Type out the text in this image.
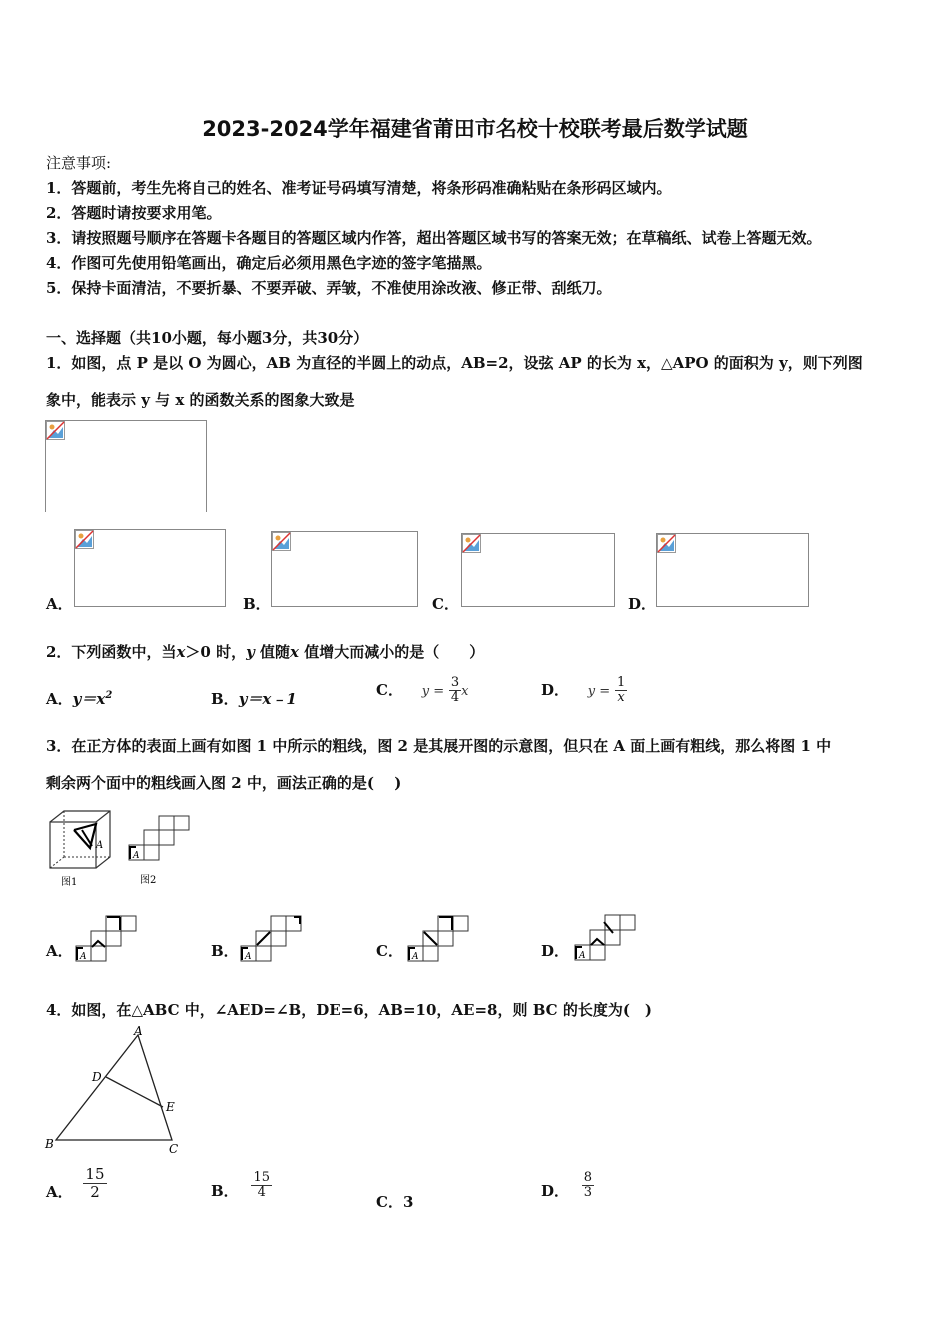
2023-2024学年福建省莆田市名校十校联考最后数学试题
注意事项:
1．答题前，考生先将自己的姓名、准考证号码填写清楚，将条形码准确粘贴在条形码区域内。
2．答题时请按要求用笔。
3．请按照题号顺序在答题卡各题目的答题区域内作答，超出答题区域书写的答案无效；在草稿纸、试卷上答题无效。
4．作图可先使用铅笔画出，确定后必须用黑色字迹的签字笔描黑。
5．保持卡面清洁，不要折暴、不要弄破、弄皱，不准使用涂改液、修正带、刮纸刀。
一、选择题（共10小题，每小题3分，共30分）
1．如图，点 P 是以 O 为圆心，AB 为直径的半圆上的动点，AB=2，设弦 AP 的长为 x，△APO 的面积为 y，则下列图
象中，能表示 y 与 x 的函数关系的图象大致是
A．	B．	C．	D．
2．下列函数中，当x＞0 时，y 值随x 值增大而减小的是（　　）
A．$y=x^2$	B．y＝x﹣1
C． $y = \frac{3}{4}$ x	D． $y = \frac{1}{x}$
3．在正方体的表面上画有如图 1 中所示的粗线，图 2 是其展开图的示意图，但只在 A 面上画有粗线，那么将图 1 中
剩余两个面中的粗线画入图 2 中，画法正确的是(　 )
A
图1
A
图2
A． A	B． A	C． A	D． A
4．如图，在△ABC 中，∠AED=∠B，DE=6，AB=10，AE=8，则 BC 的长度为(　)
A
D
E
B	C
A． $\frac{15}{2}$	B． $\frac{15}{4}$
C．3
D． $\frac{8}{3}$
